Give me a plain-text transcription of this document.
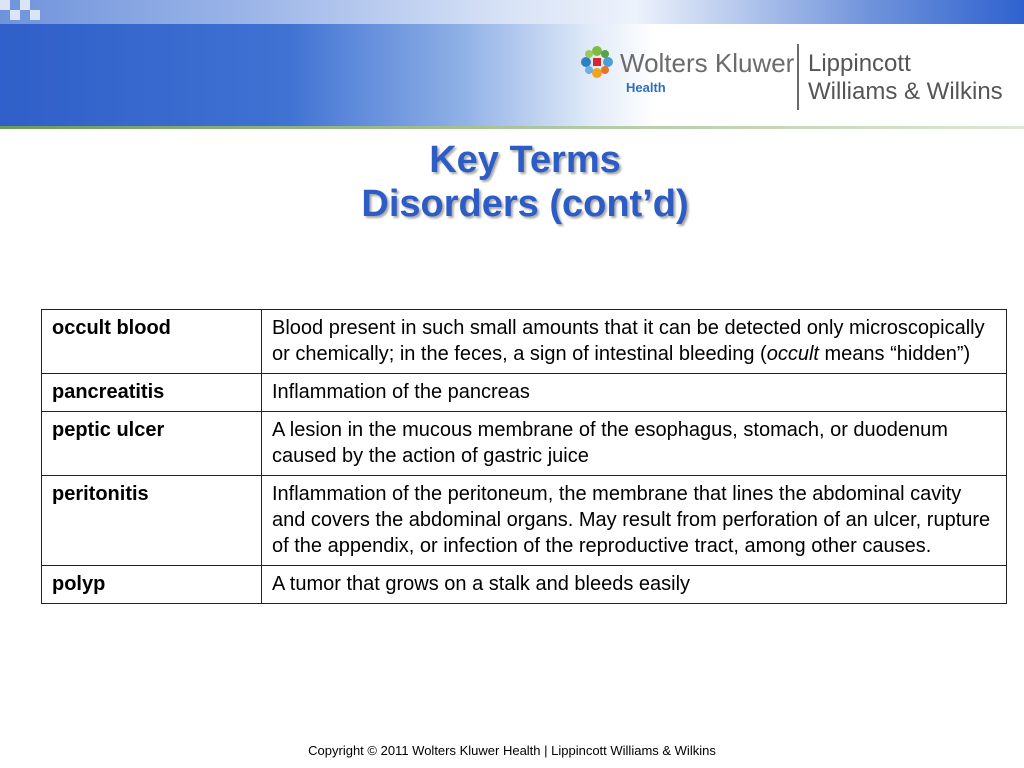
Wolters Kluwer
Health
Lippincott
Williams & Wilkins
Key Terms
Disorders (cont’d)
occult blood	Blood present in such small amounts that it can be detected only microscopically or chemically; in the feces, a sign of intestinal bleeding (occult means “hidden”)
pancreatitis	Inflammation of the pancreas
peptic ulcer	A lesion in the mucous membrane of the esophagus, stomach, or duodenum caused by the action of gastric juice
peritonitis	Inflammation of the peritoneum, the membrane that lines the abdominal cavity and covers the abdominal organs. May result from perforation of an ulcer, rupture of the appendix, or infection of the reproductive tract, among other causes.
polyp	A tumor that grows on a stalk and bleeds easily
Copyright © 2011 Wolters Kluwer Health | Lippincott Williams & Wilkins
